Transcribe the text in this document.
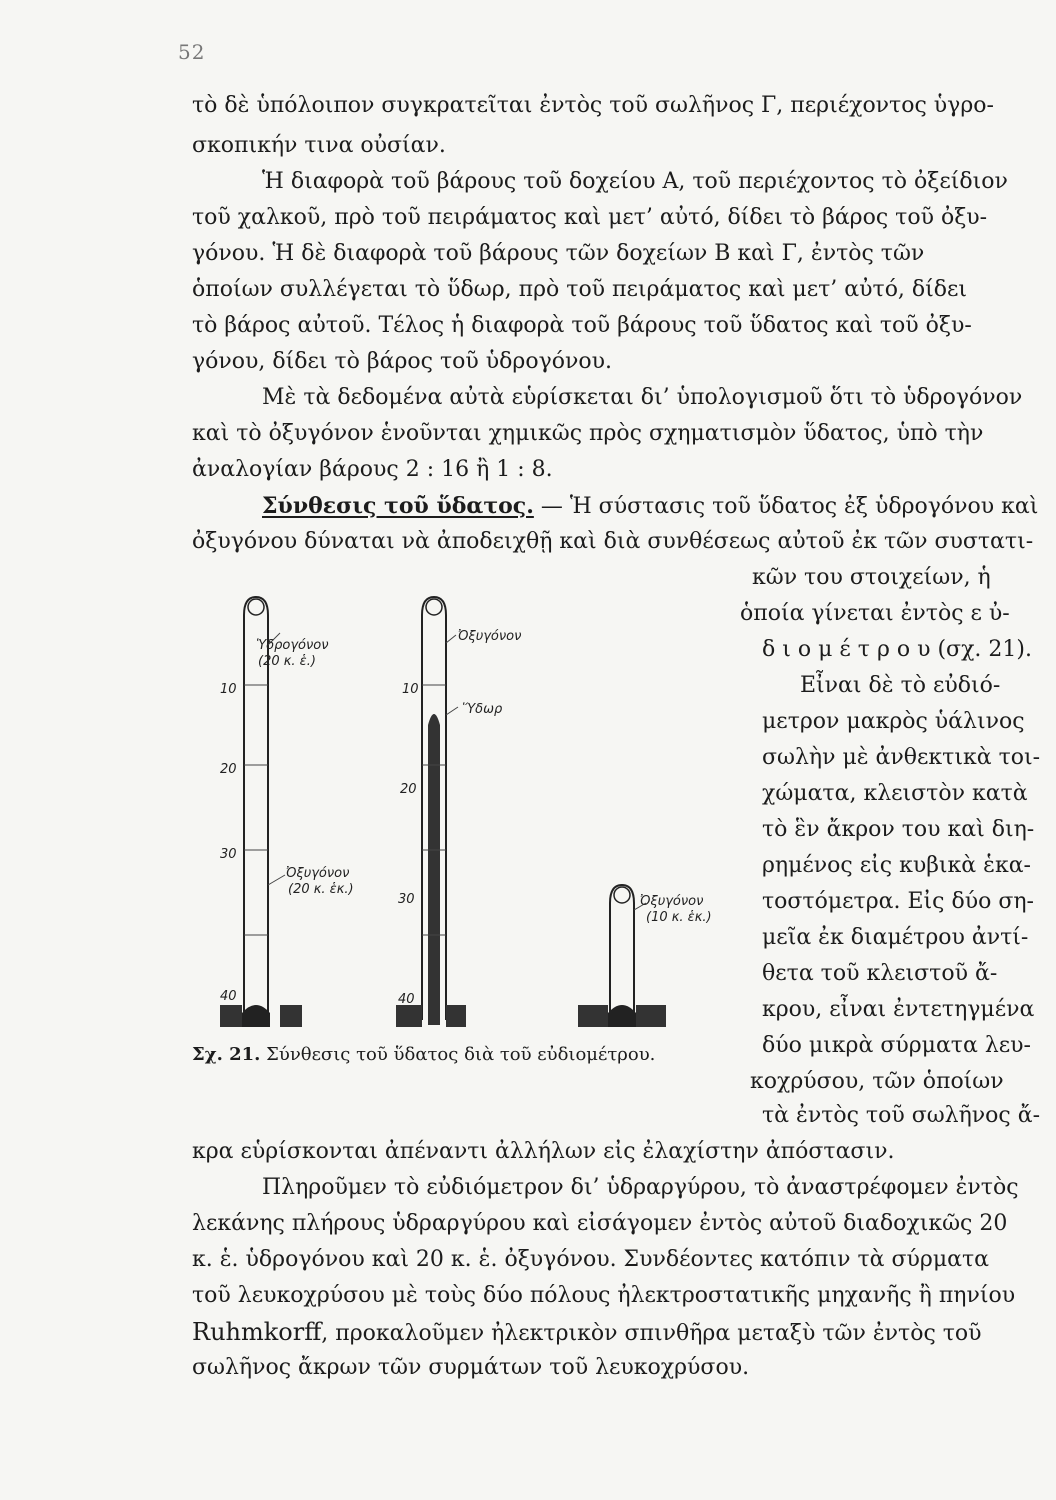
52
τὸ δὲ ὑπόλοιπον συγκρατεῖται ἐντὸς τοῦ σωλῆνος Γ, περιέχοντος ὑγρο-
σκοπικήν τινα οὐσίαν.
Ἡ διαφορὰ τοῦ βάρους τοῦ δοχείου Α, τοῦ περιέχοντος τὸ ὀξείδιον
τοῦ χαλκοῦ, πρὸ τοῦ πειράματος καὶ μετ’ αὐτό, δίδει τὸ βάρος τοῦ ὀξυ-
γόνου. Ἡ δὲ διαφορὰ τοῦ βάρους τῶν δοχείων Β καὶ Γ, ἐντὸς τῶν
ὁποίων συλλέγεται τὸ ὕδωρ, πρὸ τοῦ πειράματος καὶ μετ’ αὐτό, δίδει
τὸ βάρος αὐτοῦ. Τέλος ἡ διαφορὰ τοῦ βάρους τοῦ ὕδατος καὶ τοῦ ὀξυ-
γόνου, δίδει τὸ βάρος τοῦ ὑδρογόνου.
Μὲ τὰ δεδομένα αὐτὰ εὑρίσκεται δι’ ὑπολογισμοῦ ὅτι τὸ ὑδρογόνον
καὶ τὸ ὀξυγόνον ἑνοῦνται χημικῶς πρὸς σχηματισμὸν ὕδατος, ὑπὸ τὴν
ἀναλογίαν βάρους 2 : 16 ἢ 1 : 8.
Σύνθεσις τοῦ ὕδατος. — Ἡ σύστασις τοῦ ὕδατος ἐξ ὑδρογόνου καὶ
ὀξυγόνου δύναται νὰ ἀποδειχθῇ καὶ διὰ συνθέσεως αὐτοῦ ἐκ τῶν συστατι-
κῶν του στοιχείων, ἡ
ὁποία γίνεται ἐντὸς ε ὐ-
δ ι ο μ έ τ ρ ο υ (σχ. 21).
Εἶναι δὲ τὸ εὐδιό-
μετρον μακρὸς ὑάλινος
σωλὴν μὲ ἀνθεκτικὰ τοι-
χώματα, κλειστὸν κατὰ
τὸ ἓν ἄκρον του καὶ διη-
ρημένος εἰς κυβικὰ ἑκα-
τοστόμετρα. Εἰς δύο ση-
μεῖα ἐκ διαμέτρου ἀντί-
θετα τοῦ κλειστοῦ ἄ-
κρου, εἶναι ἐντετηγμένα
δύο μικρὰ σύρματα λευ-
κοχρύσου, τῶν ὁποίων
τὰ ἐντὸς τοῦ σωλῆνος ἄ-
κρα εὑρίσκονται ἀπέναντι ἀλλήλων εἰς ἐλαχίστην ἀπόστασιν.
10
20
30
40
Ὑδρογόνον
(20 κ. ἑ.)
Ὀξυγόνον
(20 κ. ἑκ.)
10
20
30
40
Ὀξυγόνον
Ὕδωρ
Ὀξυγόνον
(10 κ. ἑκ.)
Σχ. 21. Σύνθεσις τοῦ ὕδατος διὰ τοῦ εὐδιομέτρου.
Πληροῦμεν τὸ εὐδιόμετρον δι’ ὑδραργύρου, τὸ ἀναστρέφομεν ἐντὸς
λεκάνης πλήρους ὑδραργύρου καὶ εἰσάγομεν ἐντὸς αὐτοῦ διαδοχικῶς 20
κ. ἑ. ὑδρογόνου καὶ 20 κ. ἑ. ὀξυγόνου. Συνδέοντες κατόπιν τὰ σύρματα
τοῦ λευκοχρύσου μὲ τοὺς δύο πόλους ἠλεκτροστατικῆς μηχανῆς ἢ πηνίου
Ruhmkorff, προκαλοῦμεν ἠλεκτρικὸν σπινθῆρα μεταξὺ τῶν ἐντὸς τοῦ
σωλῆνος ἄκρων τῶν συρμάτων τοῦ λευκοχρύσου.
